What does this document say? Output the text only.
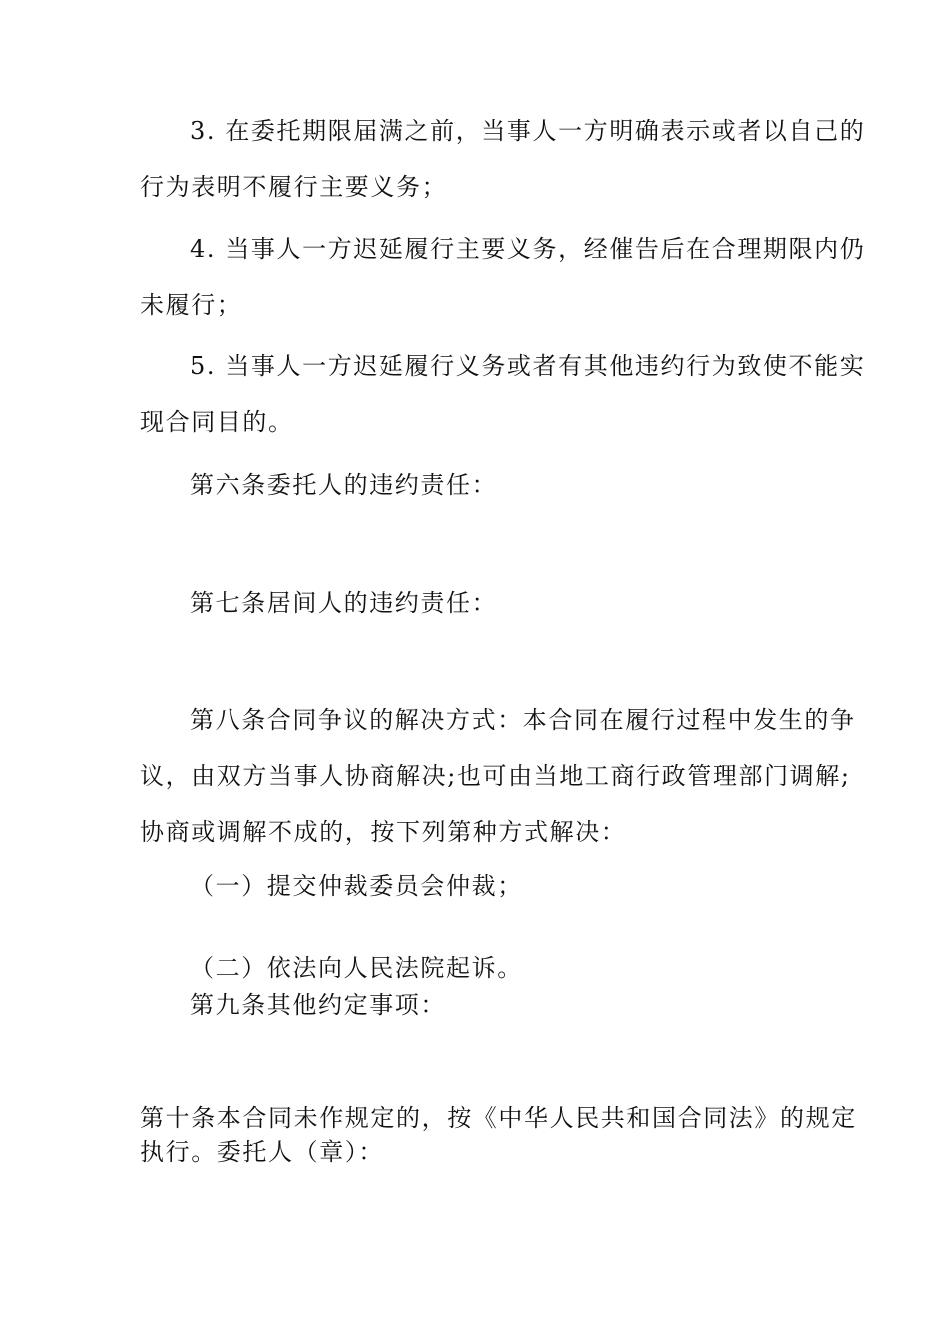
3. 在委托期限届满之前，当事人一方明确表示或者以自己的
行为表明不履行主要义务；
4. 当事人一方迟延履行主要义务，经催告后在合理期限内仍
未履行；
5. 当事人一方迟延履行义务或者有其他违约行为致使不能实
现合同目的。
第六条委托人的违约责任：
第七条居间人的违约责任：
第八条合同争议的解决方式：本合同在履行过程中发生的争
议，由双方当事人协商解决;也可由当地工商行政管理部门调解;
协商或调解不成的，按下列第种方式解决：
（一）提交仲裁委员会仲裁；
（二）依法向人民法院起诉。
第九条其他约定事项：
第十条本合同未作规定的，按《中华人民共和国合同法》的规定
执行。委托人（章）：
